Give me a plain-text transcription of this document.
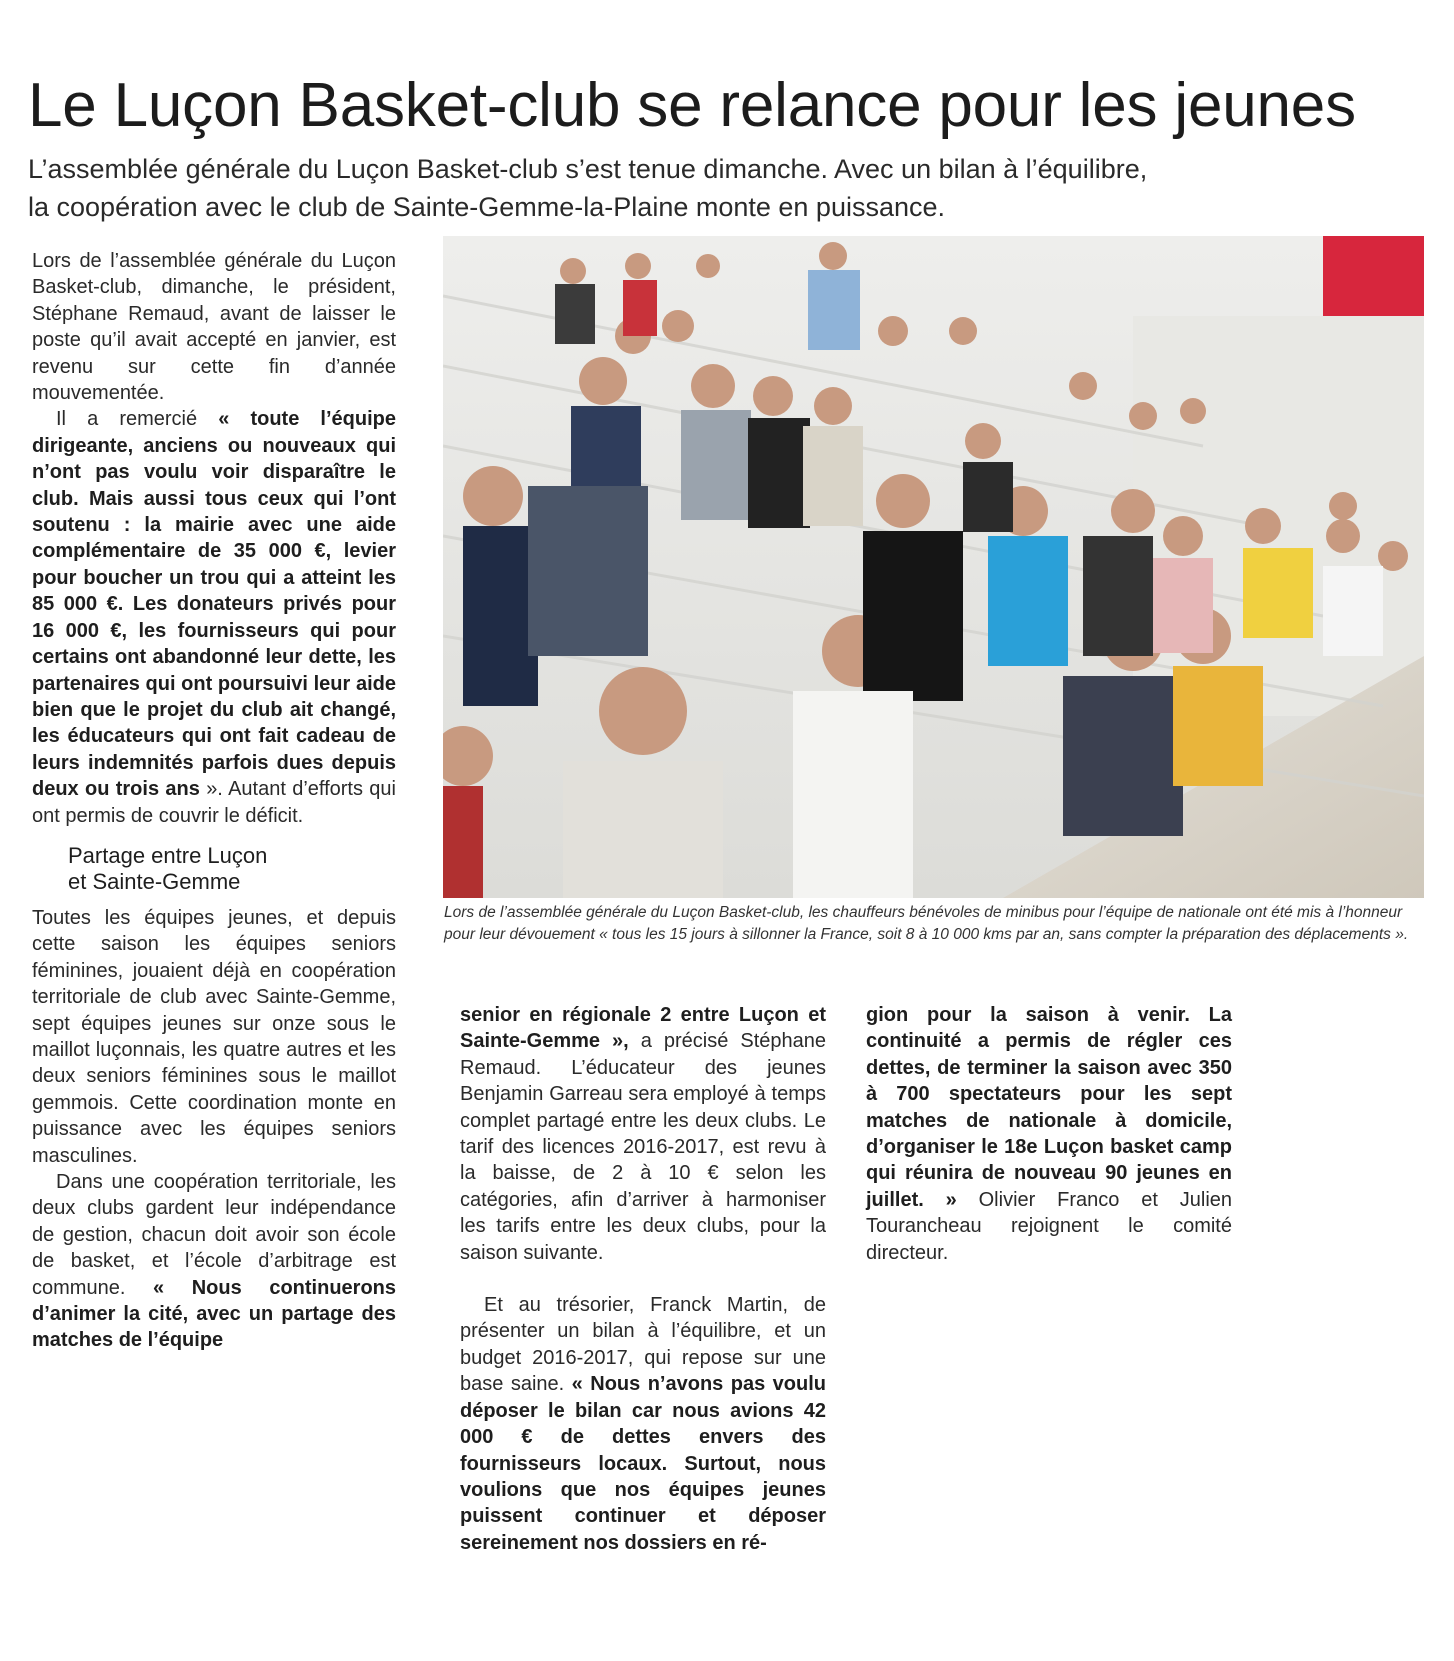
Le Luçon Basket-club se relance pour les jeunes
L’assemblée générale du Luçon Basket-club s’est tenue dimanche. Avec un bilan à l’équilibre,
la coopération avec le club de Sainte-Gemme-la-Plaine monte en puissance.

Lors de l’assemblée générale du Luçon Basket-club, dimanche, le président, Stéphane Remaud, avant de laisser le poste qu’il avait accepté en janvier, est revenu sur cette fin d’année mouvementée.

Il a remercié « toute l’équipe dirigeante, anciens ou nouveaux qui n’ont pas voulu voir disparaître le club. Mais aussi tous ceux qui l’ont soutenu : la mairie avec une aide complémentaire de 35 000 €, levier pour boucher un trou qui a atteint les 85 000 €. Les donateurs privés pour 16 000 €, les fournisseurs qui pour certains ont abandonné leur dette, les partenaires qui ont poursuivi leur aide bien que le projet du club ait changé, les éducateurs qui ont fait cadeau de leurs indemnités parfois dues depuis deux ou trois ans ». Autant d’efforts qui ont permis de couvrir le déficit.

Partage entre Luçon
et Sainte-Gemme

Toutes les équipes jeunes, et depuis cette saison les équipes seniors féminines, jouaient déjà en coopération territoriale de club avec Sainte-Gemme, sept équipes jeunes sur onze sous le maillot luçonnais, les quatre autres et les deux seniors féminines sous le maillot gemmois. Cette coordination monte en puissance avec les équipes seniors masculines.

Dans une coopération territoriale, les deux clubs gardent leur indépendance de gestion, chacun doit avoir son école de basket, et l’école d’arbitrage est commune. « Nous continuerons d’animer la cité, avec un partage des matches de l’équipe

Lors de l’assemblée générale du Luçon Basket-club, les chauffeurs bénévoles de minibus pour l’équipe de nationale ont été mis à l’honneur pour leur dévouement « tous les 15 jours à sillonner la France, soit 8 à 10 000 kms par an, sans compter la préparation des déplacements ».

senior en régionale 2 entre Luçon et Sainte-Gemme », a précisé Stéphane Remaud. L’éducateur des jeunes Benjamin Garreau sera employé à temps complet partagé entre les deux clubs. Le tarif des licences 2016-2017, est revu à la baisse, de 2 à 10 € selon les catégories, afin d’arriver à harmoniser les tarifs entre les deux clubs, pour la saison suivante.

Et au trésorier, Franck Martin, de présenter un bilan à l’équilibre, et un budget 2016-2017, qui repose sur une base saine. « Nous n’avons pas voulu déposer le bilan car nous avions 42 000 € de dettes envers des fournisseurs locaux. Surtout, nous voulions que nos équipes jeunes puissent continuer et déposer sereinement nos dossiers en ré-

gion pour la saison à venir. La continuité a permis de régler ces dettes, de terminer la saison avec 350 à 700 spectateurs pour les sept matches de nationale à domicile, d’organiser le 18e Luçon basket camp qui réunira de nouveau 90 jeunes en juillet. » Olivier Franco et Julien Tourancheau rejoignent le comité directeur.
